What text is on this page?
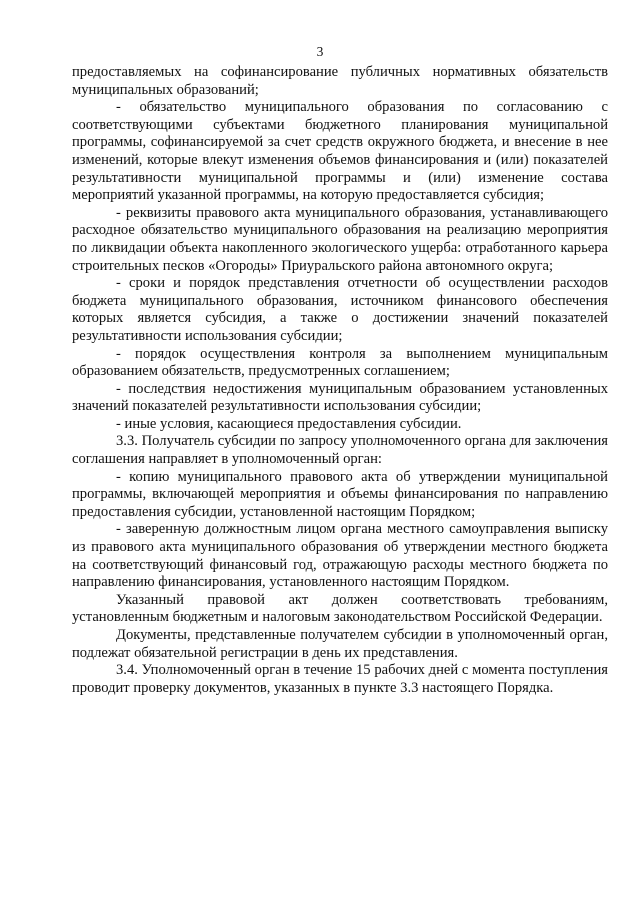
3

предоставляемых на софинансирование публичных нормативных обязательств муниципальных образований;

- обязательство муниципального образования по согласованию с соответствующими субъектами бюджетного планирования муниципальной программы, софинансируемой за счет средств окружного бюджета, и внесение в нее изменений, которые влекут изменения объемов финансирования и (или) показателей результативности муниципальной программы и (или) изменение состава мероприятий указанной программы, на которую предоставляется субсидия;

- реквизиты правового акта муниципального образования, устанавливающего расходное обязательство муниципального образования на реализацию мероприятия по ликвидации объекта накопленного экологического ущерба: отработанного карьера строительных песков «Огороды» Приуральского района автономного округа;

- сроки и порядок представления отчетности об осуществлении расходов бюджета муниципального образования, источником финансового обеспечения которых является субсидия, а также о достижении значений показателей результативности использования субсидии;

- порядок осуществления контроля за выполнением муниципальным образованием обязательств, предусмотренных соглашением;

- последствия недостижения муниципальным образованием установленных значений показателей результативности использования субсидии;

- иные условия, касающиеся предоставления субсидии.

3.3. Получатель субсидии по запросу уполномоченного органа для заключения соглашения направляет в уполномоченный орган:

- копию муниципального правового акта об утверждении муниципальной программы, включающей мероприятия и объемы финансирования по направлению предоставления субсидии, установленной настоящим Порядком;

- заверенную должностным лицом органа местного самоуправления выписку из правового акта муниципального образования об утверждении местного бюджета на соответствующий финансовый год, отражающую расходы местного бюджета по направлению финансирования, установленного настоящим Порядком.

Указанный правовой акт должен соответствовать требованиям, установленным бюджетным и налоговым законодательством Российской Федерации.

Документы, представленные получателем субсидии в уполномоченный орган, подлежат обязательной регистрации в день их представления.

3.4. Уполномоченный орган в течение 15 рабочих дней с момента поступления проводит проверку документов, указанных в пункте 3.3 настоящего Порядка.
